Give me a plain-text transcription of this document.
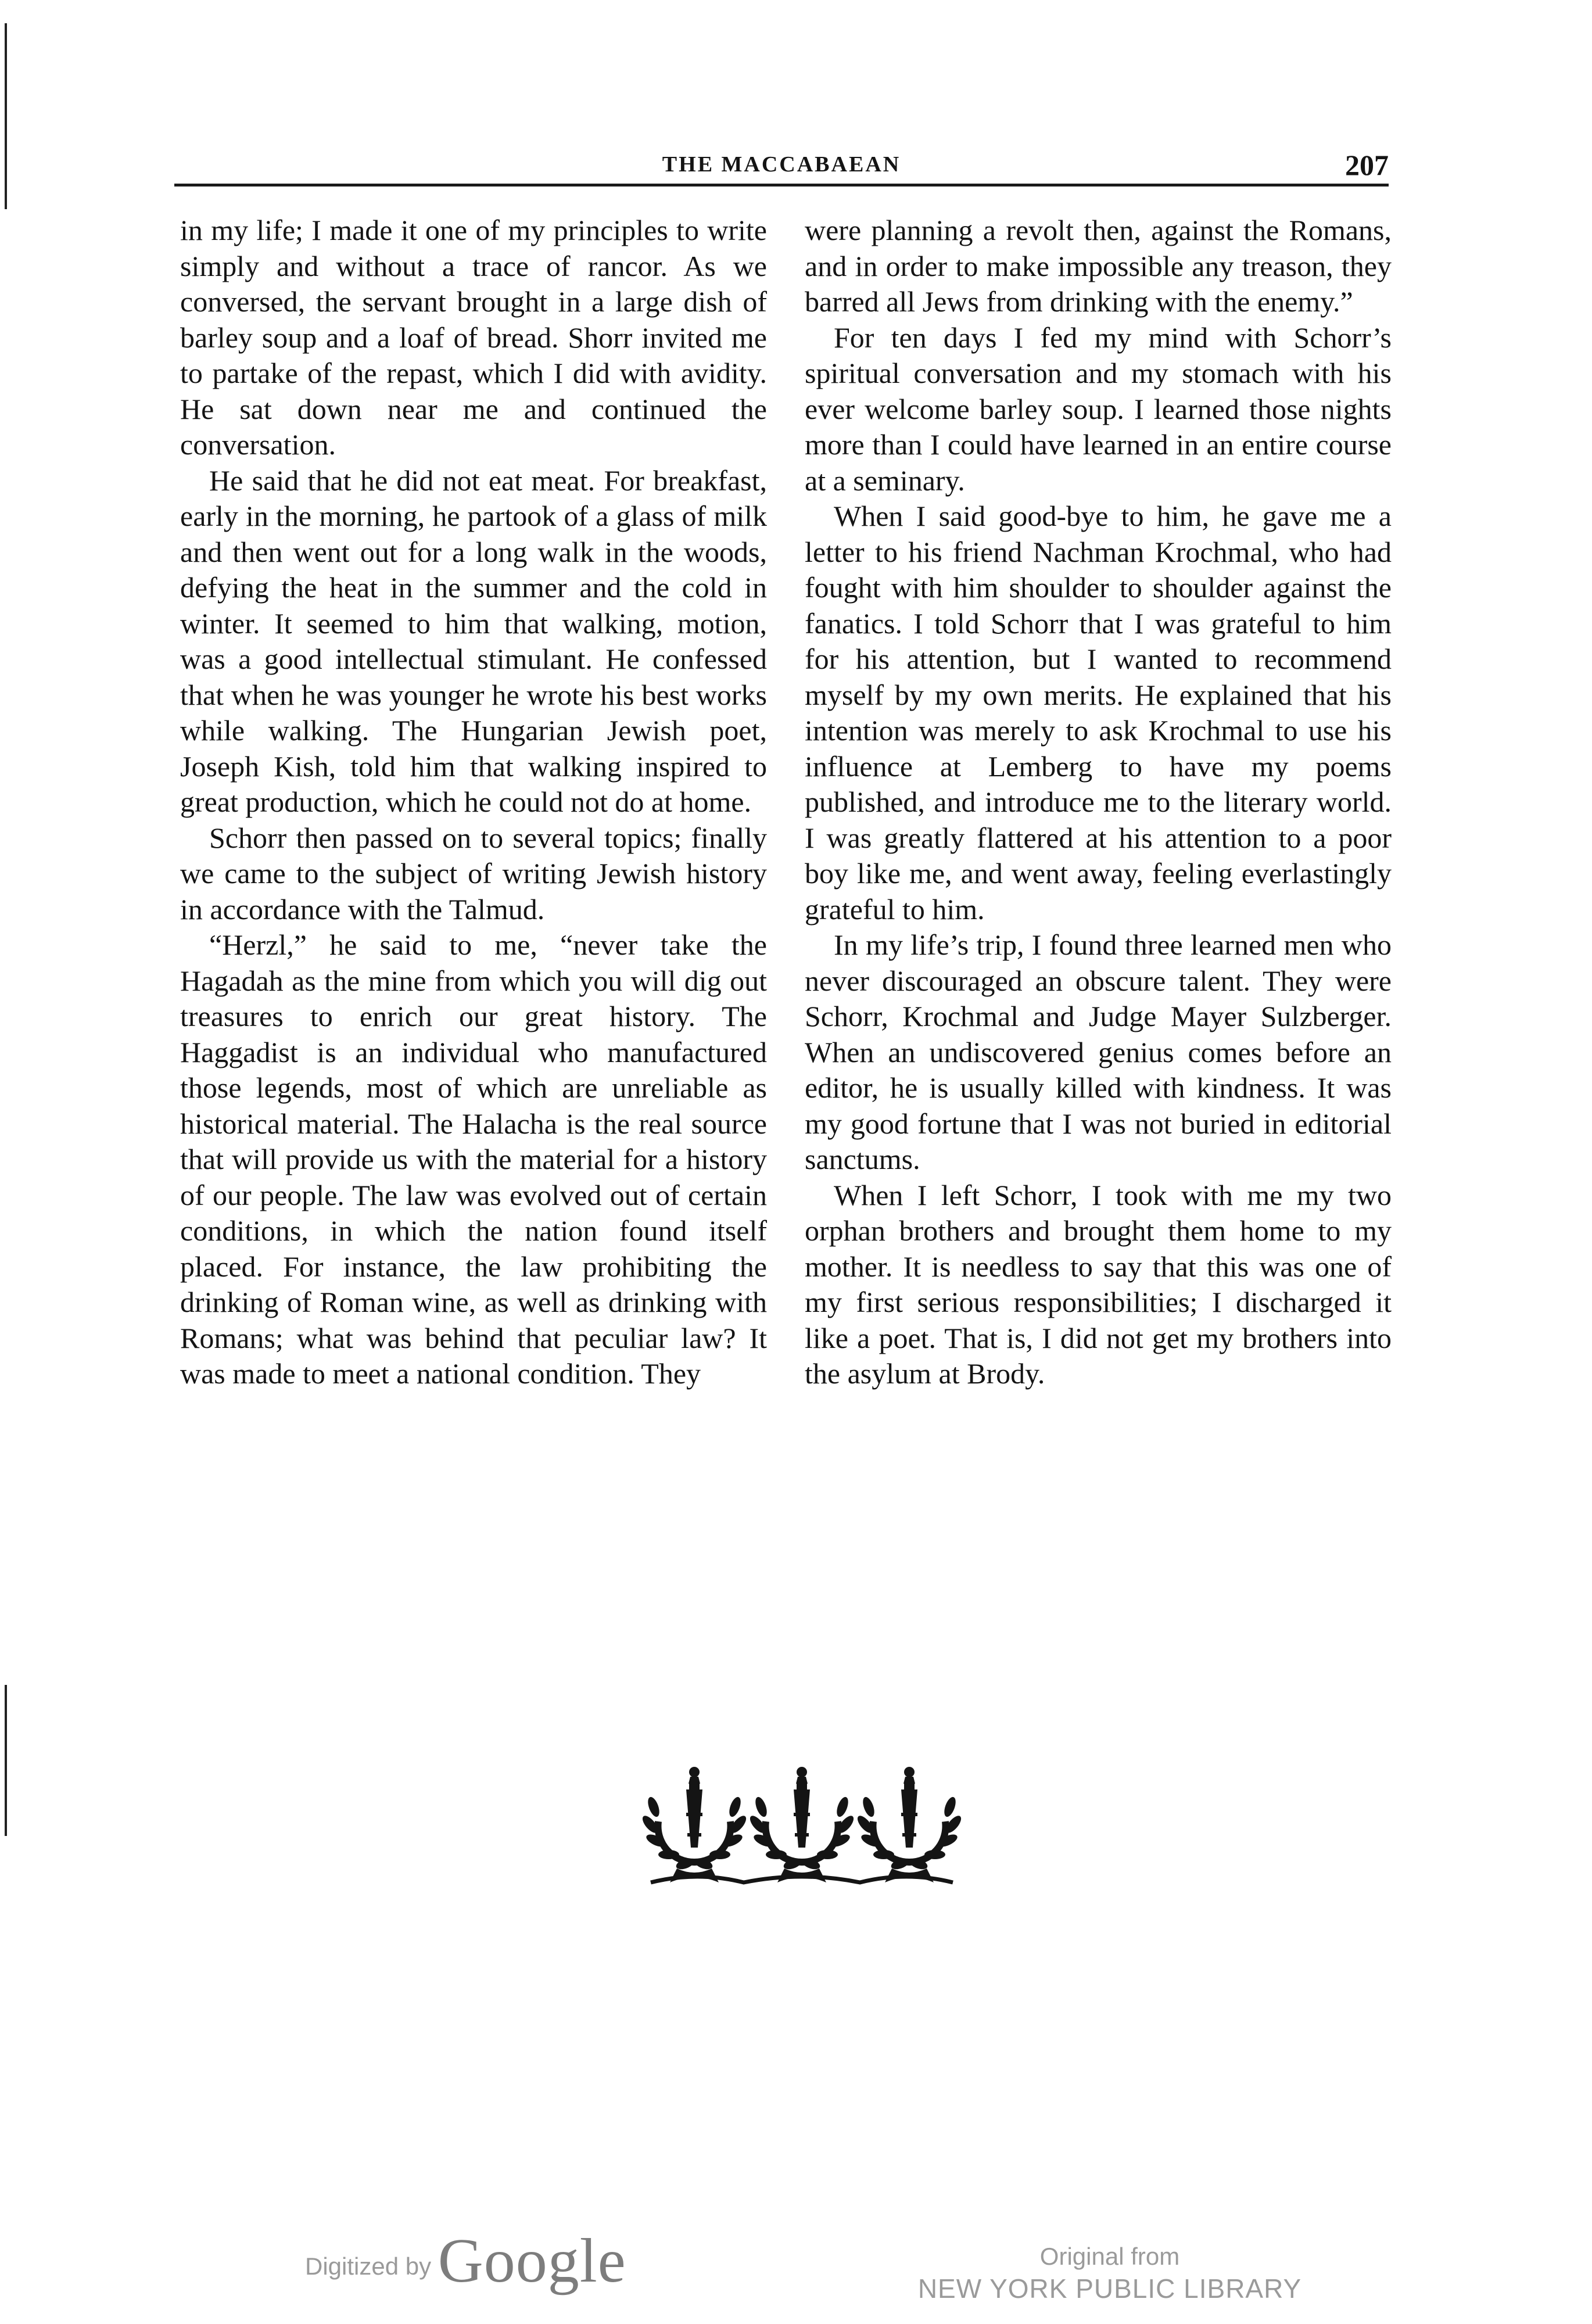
THE MACCABAEAN	207

in my life; I made it one of my principles to write simply and without a trace of rancor. As we conversed, the servant brought in a large dish of barley soup and a loaf of bread. Shorr invited me to partake of the repast, which I did with avidity. He sat down near me and continued the conversation.

He said that he did not eat meat. For breakfast, early in the morning, he partook of a glass of milk and then went out for a long walk in the woods, defying the heat in the summer and the cold in winter. It seemed to him that walking, motion, was a good intellectual stimulant. He confessed that when he was younger he wrote his best works while walking. The Hungarian Jewish poet, Joseph Kish, told him that walking inspired to great production, which he could not do at home.

Schorr then passed on to several topics; finally we came to the subject of writing Jewish history in accordance with the Talmud.

“Herzl,” he said to me, “never take the Hagadah as the mine from which you will dig out treasures to enrich our great history. The Haggadist is an individual who manufactured those legends, most of which are unreliable as historical material. The Halacha is the real source that will provide us with the material for a history of our people. The law was evolved out of certain conditions, in which the nation found itself placed. For instance, the law prohibiting the drinking of Roman wine, as well as drinking with Romans; what was behind that peculiar law? It was made to meet a national condition. They

were planning a revolt then, against the Romans, and in order to make impossible any treason, they barred all Jews from drinking with the enemy.”

For ten days I fed my mind with Schorr’s spiritual conversation and my stomach with his ever welcome barley soup. I learned those nights more than I could have learned in an entire course at a seminary.

When I said good-bye to him, he gave me a letter to his friend Nachman Krochmal, who had fought with him shoulder to shoulder against the fanatics. I told Schorr that I was grateful to him for his attention, but I wanted to recommend myself by my own merits. He explained that his intention was merely to ask Krochmal to use his influence at Lemberg to have my poems published, and introduce me to the literary world. I was greatly flattered at his attention to a poor boy like me, and went away, feeling everlastingly grateful to him.

In my life’s trip, I found three learned men who never discouraged an obscure talent. They were Schorr, Krochmal and Judge Mayer Sulzberger. When an undiscovered genius comes before an editor, he is usually killed with kindness. It was my good fortune that I was not buried in editorial sanctums.

When I left Schorr, I took with me my two orphan brothers and brought them home to my mother. It is needless to say that this was one of my first serious responsibilities; I discharged it like a poet. That is, I did not get my brothers into the asylum at Brody.

Digitized by Google	Original from
NEW YORK PUBLIC LIBRARY
